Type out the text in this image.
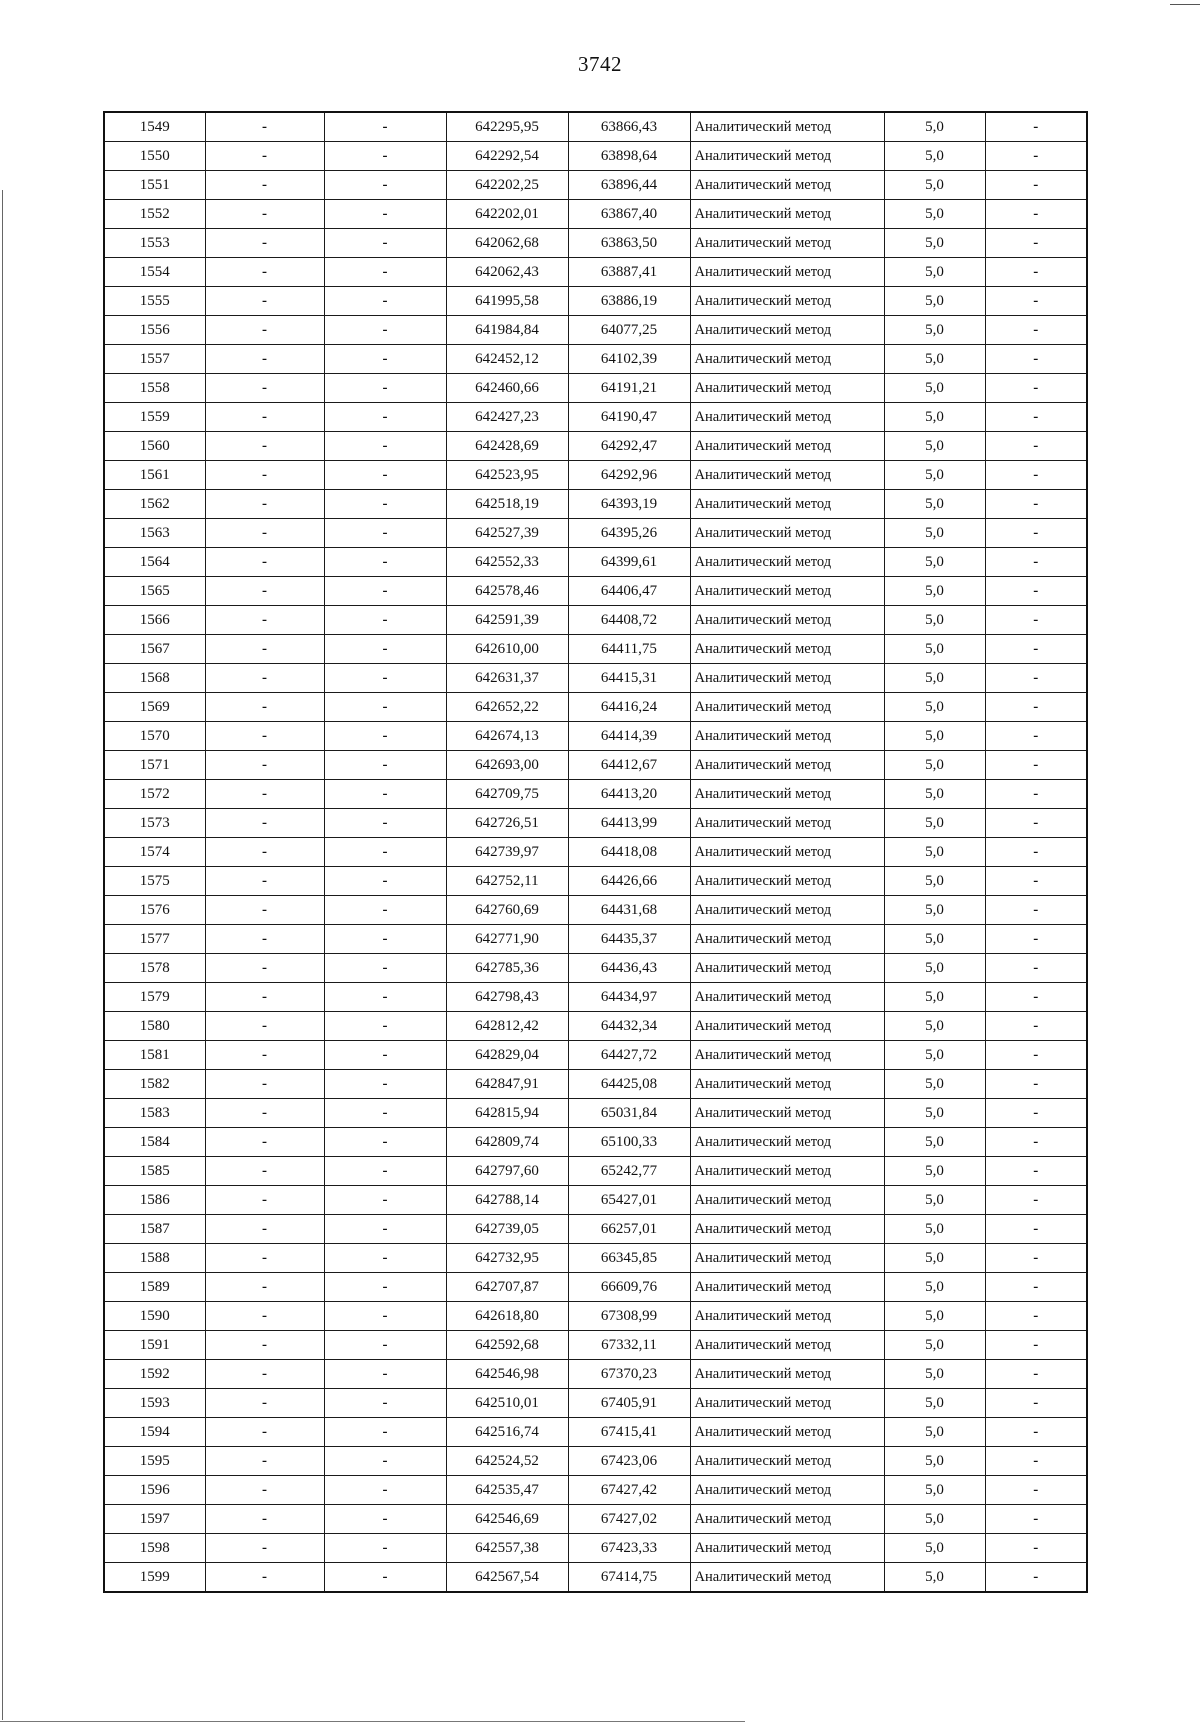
3742
1549	-	-	642295,95	63866,43	Аналитический метод	5,0	-
1550	-	-	642292,54	63898,64	Аналитический метод	5,0	-
1551	-	-	642202,25	63896,44	Аналитический метод	5,0	-
1552	-	-	642202,01	63867,40	Аналитический метод	5,0	-
1553	-	-	642062,68	63863,50	Аналитический метод	5,0	-
1554	-	-	642062,43	63887,41	Аналитический метод	5,0	-
1555	-	-	641995,58	63886,19	Аналитический метод	5,0	-
1556	-	-	641984,84	64077,25	Аналитический метод	5,0	-
1557	-	-	642452,12	64102,39	Аналитический метод	5,0	-
1558	-	-	642460,66	64191,21	Аналитический метод	5,0	-
1559	-	-	642427,23	64190,47	Аналитический метод	5,0	-
1560	-	-	642428,69	64292,47	Аналитический метод	5,0	-
1561	-	-	642523,95	64292,96	Аналитический метод	5,0	-
1562	-	-	642518,19	64393,19	Аналитический метод	5,0	-
1563	-	-	642527,39	64395,26	Аналитический метод	5,0	-
1564	-	-	642552,33	64399,61	Аналитический метод	5,0	-
1565	-	-	642578,46	64406,47	Аналитический метод	5,0	-
1566	-	-	642591,39	64408,72	Аналитический метод	5,0	-
1567	-	-	642610,00	64411,75	Аналитический метод	5,0	-
1568	-	-	642631,37	64415,31	Аналитический метод	5,0	-
1569	-	-	642652,22	64416,24	Аналитический метод	5,0	-
1570	-	-	642674,13	64414,39	Аналитический метод	5,0	-
1571	-	-	642693,00	64412,67	Аналитический метод	5,0	-
1572	-	-	642709,75	64413,20	Аналитический метод	5,0	-
1573	-	-	642726,51	64413,99	Аналитический метод	5,0	-
1574	-	-	642739,97	64418,08	Аналитический метод	5,0	-
1575	-	-	642752,11	64426,66	Аналитический метод	5,0	-
1576	-	-	642760,69	64431,68	Аналитический метод	5,0	-
1577	-	-	642771,90	64435,37	Аналитический метод	5,0	-
1578	-	-	642785,36	64436,43	Аналитический метод	5,0	-
1579	-	-	642798,43	64434,97	Аналитический метод	5,0	-
1580	-	-	642812,42	64432,34	Аналитический метод	5,0	-
1581	-	-	642829,04	64427,72	Аналитический метод	5,0	-
1582	-	-	642847,91	64425,08	Аналитический метод	5,0	-
1583	-	-	642815,94	65031,84	Аналитический метод	5,0	-
1584	-	-	642809,74	65100,33	Аналитический метод	5,0	-
1585	-	-	642797,60	65242,77	Аналитический метод	5,0	-
1586	-	-	642788,14	65427,01	Аналитический метод	5,0	-
1587	-	-	642739,05	66257,01	Аналитический метод	5,0	-
1588	-	-	642732,95	66345,85	Аналитический метод	5,0	-
1589	-	-	642707,87	66609,76	Аналитический метод	5,0	-
1590	-	-	642618,80	67308,99	Аналитический метод	5,0	-
1591	-	-	642592,68	67332,11	Аналитический метод	5,0	-
1592	-	-	642546,98	67370,23	Аналитический метод	5,0	-
1593	-	-	642510,01	67405,91	Аналитический метод	5,0	-
1594	-	-	642516,74	67415,41	Аналитический метод	5,0	-
1595	-	-	642524,52	67423,06	Аналитический метод	5,0	-
1596	-	-	642535,47	67427,42	Аналитический метод	5,0	-
1597	-	-	642546,69	67427,02	Аналитический метод	5,0	-
1598	-	-	642557,38	67423,33	Аналитический метод	5,0	-
1599	-	-	642567,54	67414,75	Аналитический метод	5,0	-
